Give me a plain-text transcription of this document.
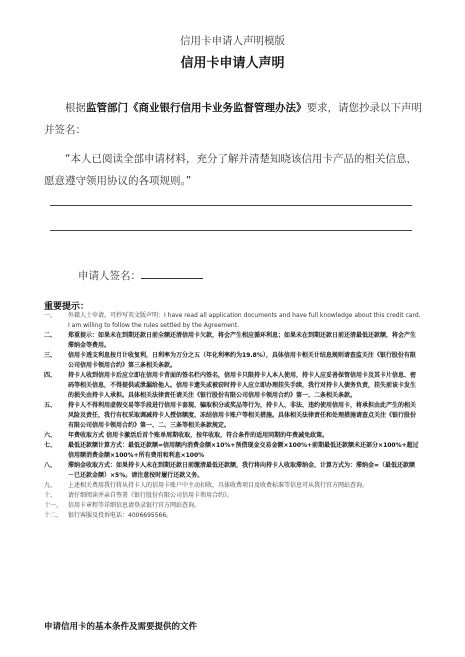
信用卡申请人声明模版
信用卡申请人声明
根据监管部门《商业银行信用卡业务监督管理办法》要求，请您抄录以下声明并签名：
“本人已阅读全部申请材料，充分了解并清楚知晓该信用卡产品的相关信息，愿意遵守领用协议的各项规则。”
申请人签名：
重要提示：
一、	外籍人士申请，可抄写英文版声明：I have read all application documents and have full knowledge about this credit card. I am willing to follow the rules settled by the Agreement.
二、	郑重提示：如果未在到期还款日前全额还清信用卡欠款，将会产生相应循环利息；如果未在到期还款日前还清最低还款额，将会产生滞纳金等费用。
三、	信用卡透支利息按月计收复利，日利率为万分之五（年化利率约为19.8%），具体信用卡相关计结息规则请查监关注《银行股份有限公司信用卡领用合约》第三条相关条款。
四、	持卡人收到信用卡后应立即在信用卡背面的签名栏内签名，信用卡只限持卡人本人使用，持卡人应妥善保管信用卡及其卡片信息、密码等相关信息，不得提供或泄漏给他人。信用卡遗失或被窃时持卡人应立即办理挂失手续，我行对持卡人债务负责，挂失前该卡发生的损失由持卡人承担。具体相关法律责任请关注《银行股份有限公司信用卡领用合约》第一、二条相关条款。
五、	持卡人不得利用虚假交易等手段进行信用卡套现、骗取积分或奖品等行为，持卡人、非法、违约使用信用卡，将承担由此产生的相关风险及责任，我行有权采取调减持卡人授信额度、冻结信用卡账户等相关措施。具体相关法律责任和处理措施请查点关注《银行股份有限公司信用卡领用合约》第一、二、三条等相关条款规定。
六、	年费收取方式 信用卡激活后首个账单周期收取，按年收取，符合条件的适用同期的年费减免政策。
七、	最低还款额计算方式：最低还款额=信用额内消费金额×10%+预借现金交易金额×100%+前期最低还款额未还部分×100%+超过信用额消费金额×100%+所有费用和利息×100%
八、	滞纳金收取方式：如果持卡人未在到期还款日前缴清最低还款额，我行将向持卡人收取滞纳金，计算方式为：滞纳金=（最低还款额－已还款金额）×5%。请注意按时履行还款义务。
九、	上述相关费用我行将从持卡人的信用卡账户中主动扣收，具体收费项目及收费标准等信息可从我行官方网站查询。
十、	请仔细阅读并亲自签署《银行股份有限公司信用卡领用合约》。
十一、 信用卡章程等详细信息请登录银行官方网站查询。
十二、 银行客服及投诉电话：4006695566。
申请信用卡的基本条件及需要提供的文件
